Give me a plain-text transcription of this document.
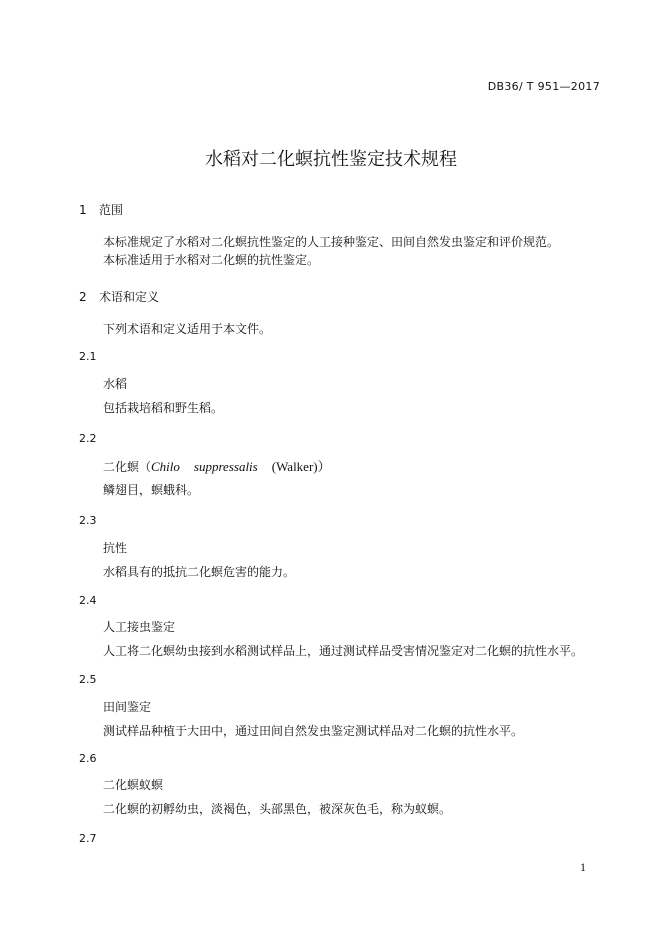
DB36/ T 951—2017
水稻对二化螟抗性鉴定技术规程
1 范围
本标准规定了水稻对二化螟抗性鉴定的人工接种鉴定、田间自然发虫鉴定和评价规范。
本标准适用于水稻对二化螟的抗性鉴定。
2 术语和定义
下列术语和定义适用于本文件。
2.1
水稻
包括栽培稻和野生稻。
2.2
二化螟（Chilo suppressalis (Walker)）
鳞翅目，螟蛾科。
2.3
抗性
水稻具有的抵抗二化螟危害的能力。
2.4
人工接虫鉴定
人工将二化螟幼虫接到水稻测试样品上，通过测试样品受害情况鉴定对二化螟的抗性水平。
2.5
田间鉴定
测试样品种植于大田中，通过田间自然发虫鉴定测试样品对二化螟的抗性水平。
2.6
二化螟蚁螟
二化螟的初孵幼虫，淡褐色，头部黑色，被深灰色毛，称为蚁螟。
2.7
1
